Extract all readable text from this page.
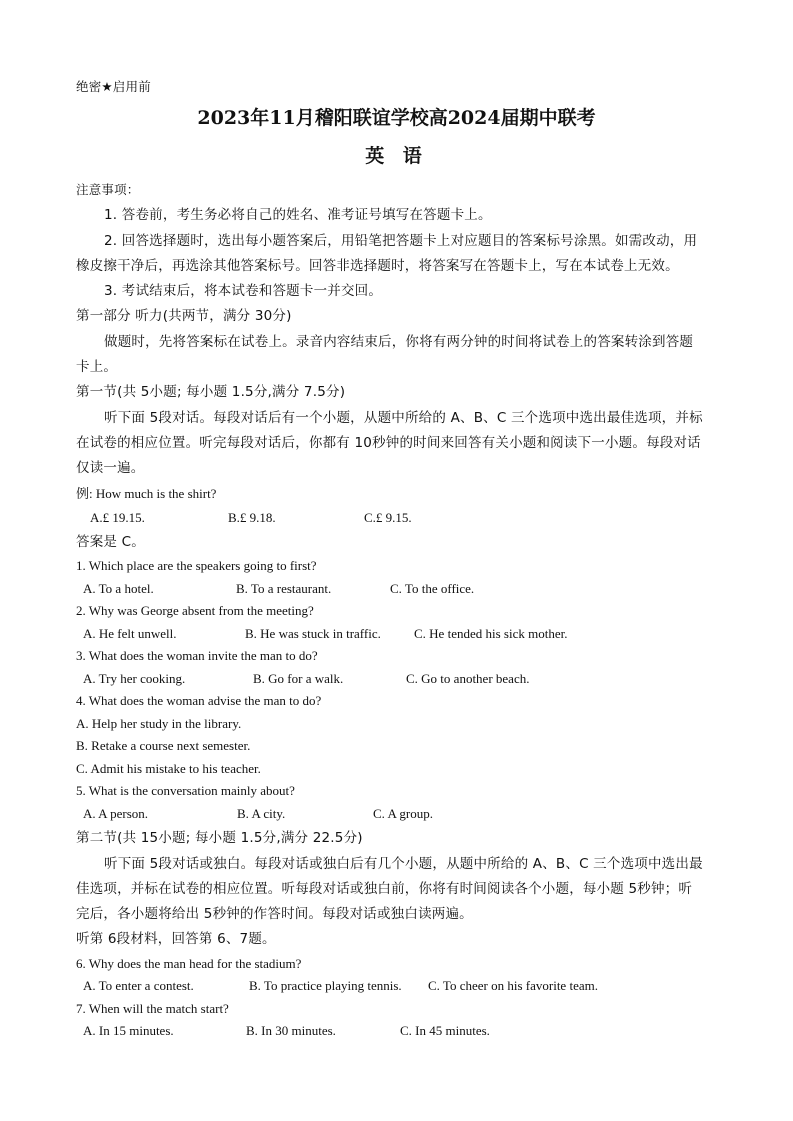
绝密★启用前
2023年11月稽阳联谊学校高2024届期中联考
英 语
注意事项：
1. 答卷前，考生务必将自己的姓名、准考证号填写在答题卡上。
2. 回答选择题时，选出每小题答案后，用铅笔把答题卡上对应题目的答案标号涂黑。如需改动，用
橡皮擦干净后，再选涂其他答案标号。回答非选择题时，将答案写在答题卡上，写在本试卷上无效。
3. 考试结束后，将本试卷和答题卡一并交回。
第一部分 听力(共两节，满分 30分)
做题时，先将答案标在试卷上。录音内容结束后，你将有两分钟的时间将试卷上的答案转涂到答题
卡上。
第一节(共 5小题; 每小题 1.5分,满分 7.5分)
听下面 5段对话。每段对话后有一个小题，从题中所给的 A、B、C 三个选项中选出最佳选项，并标
在试卷的相应位置。听完每段对话后，你都有 10秒钟的时间来回答有关小题和阅读下一小题。每段对话
仅读一遍。
例: How much is the shirt?
A.£ 19.15.	B.£ 9.18.	C.£ 9.15.
答案是 C。
1. Which place are the speakers going to first?
A. To a hotel.	B. To a restaurant.	C. To the office.
2. Why was George absent from the meeting?
A. He felt unwell.	B. He was stuck in traffic.	C. He tended his sick mother.
3. What does the woman invite the man to do?
A. Try her cooking.	B. Go for a walk.	C. Go to another beach.
4. What does the woman advise the man to do?
A. Help her study in the library.
B. Retake a course next semester.
C. Admit his mistake to his teacher.
5. What is the conversation mainly about?
A. A person.	B. A city.	C. A group.
第二节(共 15小题; 每小题 1.5分,满分 22.5分)
听下面 5段对话或独白。每段对话或独白后有几个小题，从题中所给的 A、B、C 三个选项中选出最
佳选项，并标在试卷的相应位置。听每段对话或独白前，你将有时间阅读各个小题，每小题 5秒钟；听
完后，各小题将给出 5秒钟的作答时间。每段对话或独白读两遍。
听第 6段材料，回答第 6、7题。
6. Why does the man head for the stadium?
A. To enter a contest.	B. To practice playing tennis. C. To cheer on his favorite team.
7. When will the match start?
A. In 15 minutes.	B. In 30 minutes.	C. In 45 minutes.
